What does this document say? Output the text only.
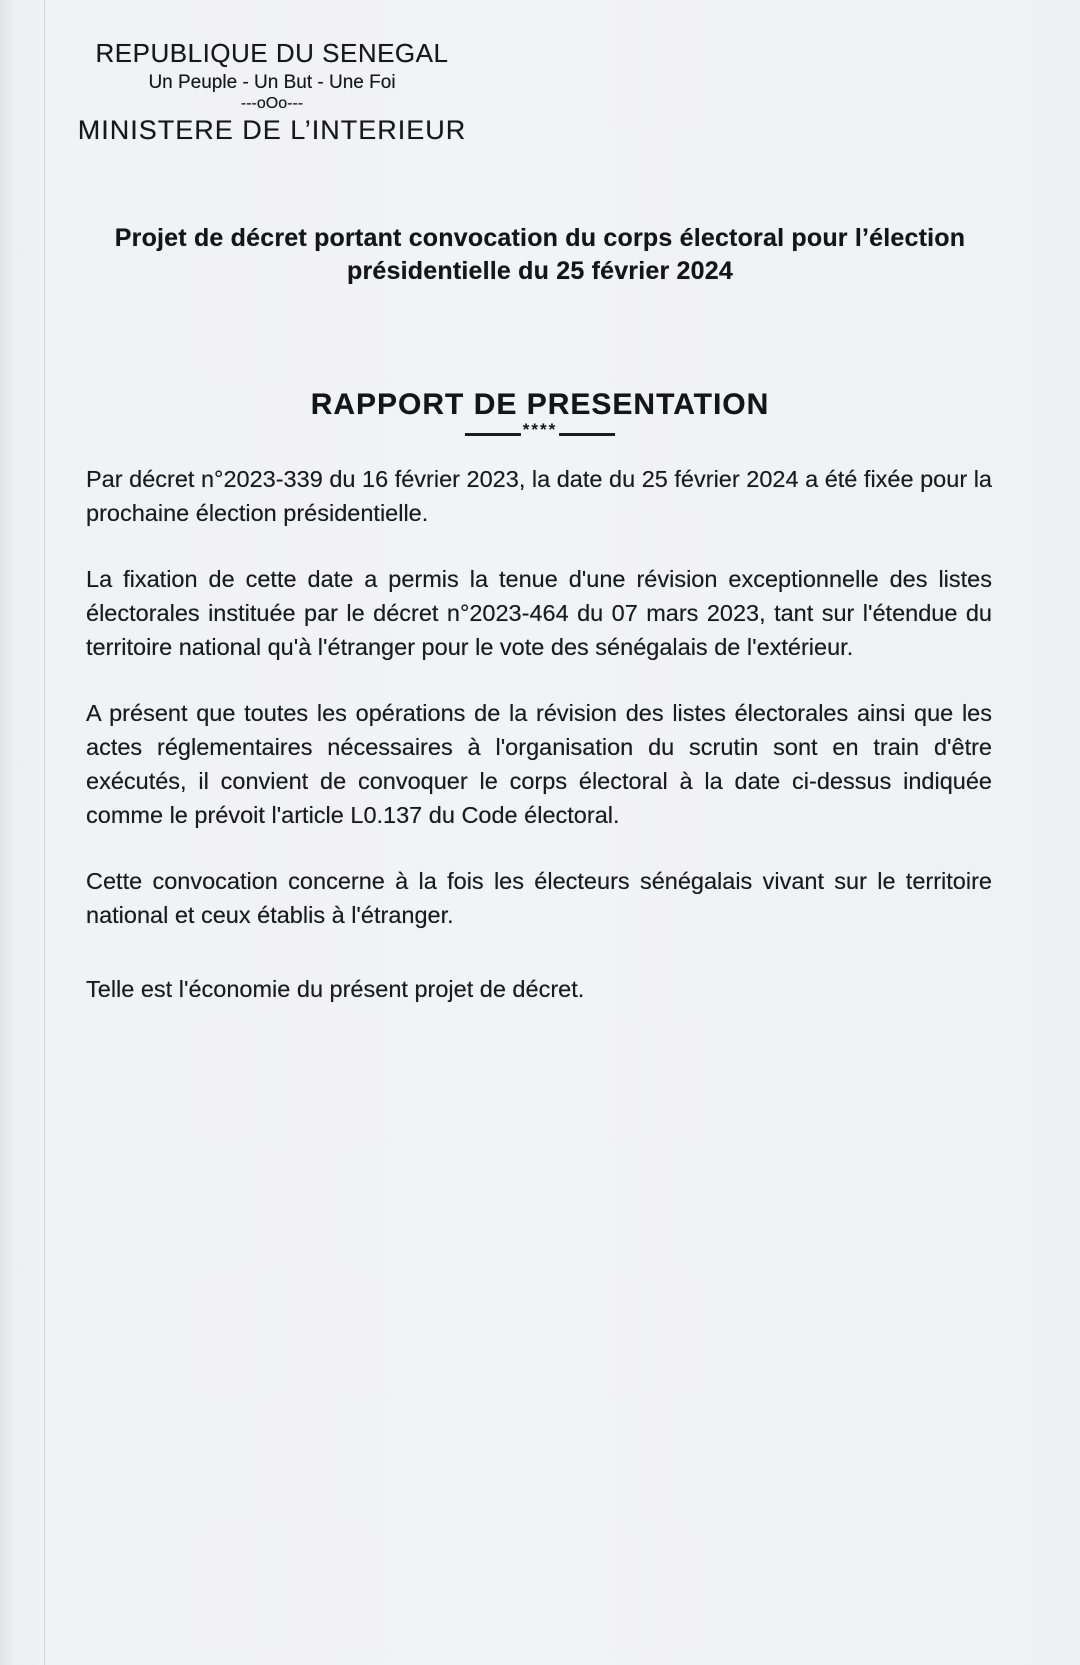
REPUBLIQUE DU SENEGAL
Un Peuple - Un But - Une Foi
---oOo---
MINISTERE DE L’INTERIEUR
Projet de décret portant convocation du corps électoral pour l’élection présidentielle du 25 février 2024
RAPPORT DE PRESENTATION
****

Par décret n°2023-339 du 16 février 2023, la date du 25 février 2024 a été fixée pour la prochaine élection présidentielle.

La fixation de cette date a permis la tenue d'une révision exceptionnelle des listes électorales instituée par le décret n°2023-464 du 07 mars 2023, tant sur l'étendue du territoire national qu'à l'étranger pour le vote des sénégalais de l'extérieur.

A présent que toutes les opérations de la révision des listes électorales ainsi que les actes réglementaires nécessaires à l'organisation du scrutin sont en train d'être exécutés, il convient de convoquer le corps électoral à la date ci-dessus indiquée comme le prévoit l'article L0.137 du Code électoral.

Cette convocation concerne à la fois les électeurs sénégalais vivant sur le territoire national et ceux établis à l'étranger.

Telle est l'économie du présent projet de décret.
